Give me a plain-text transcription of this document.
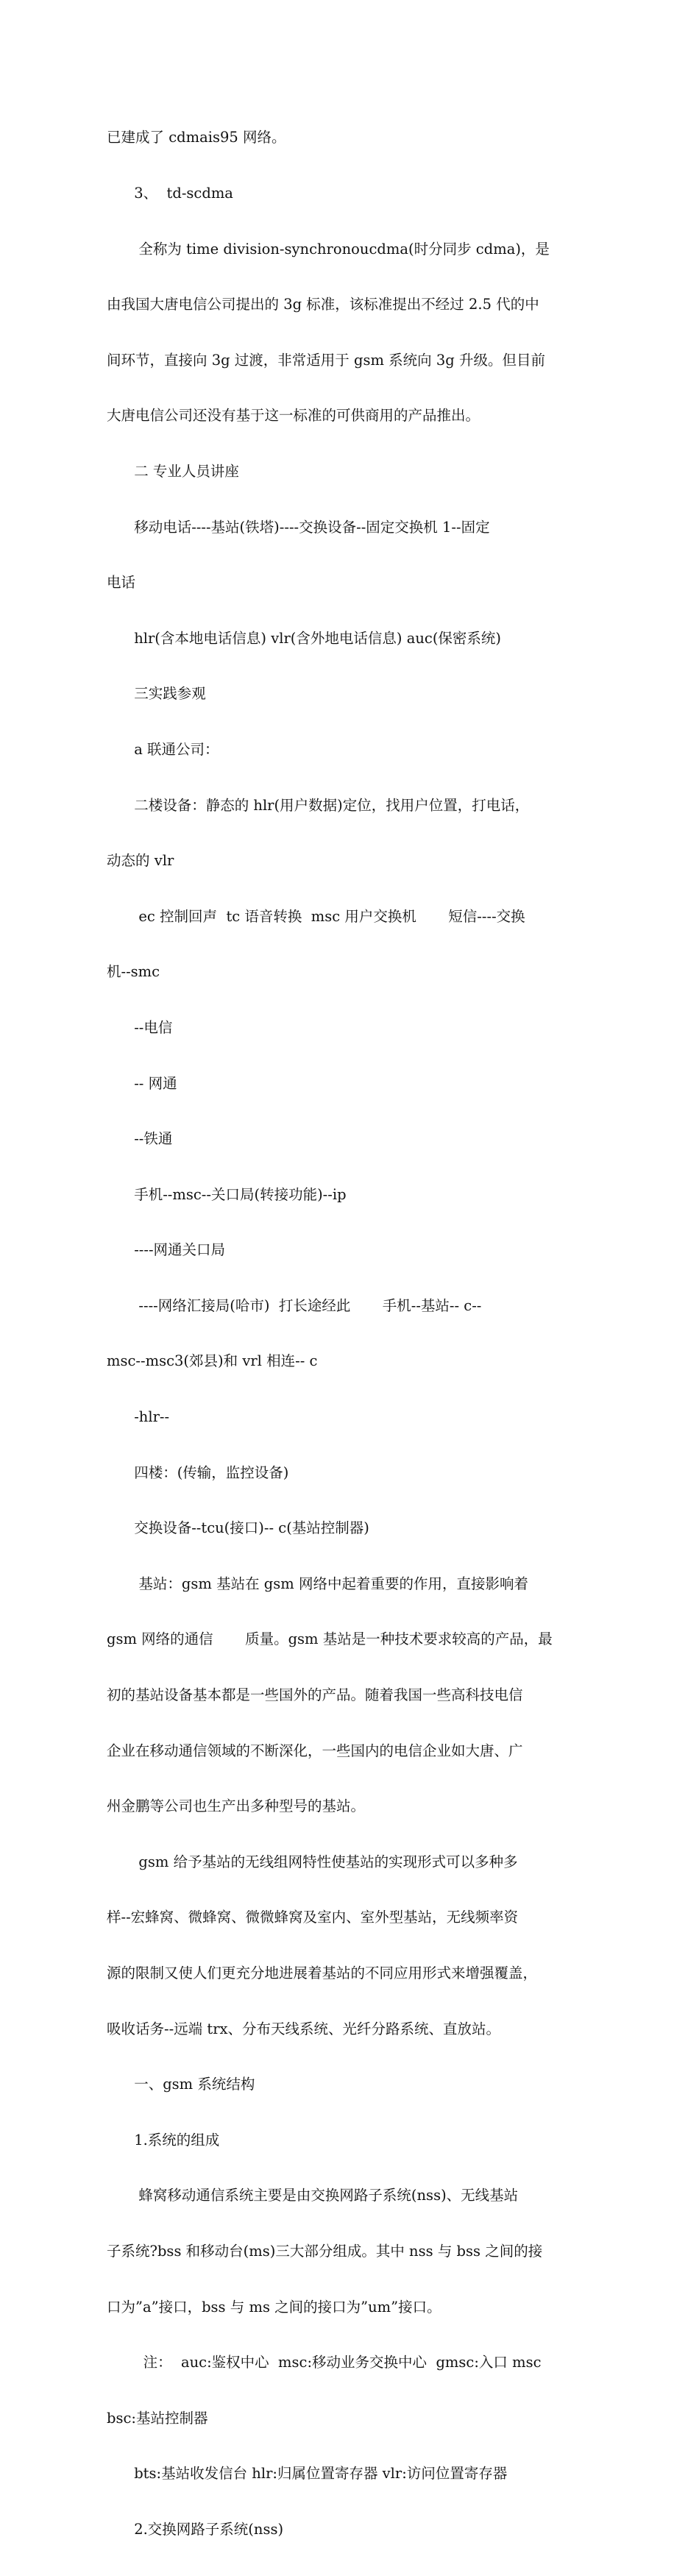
已建成了 cdmais95 网络。

3、  td-scdma

全称为 time division-synchronoucdma(时分同步 cdma)，是

由我国大唐电信公司提出的 3g 标准，该标准提出不经过 2.5 代的中

间环节，直接向 3g 过渡，非常适用于 gsm 系统向 3g 升级。但目前

大唐电信公司还没有基于这一标准的可供商用的产品推出。

二 专业人员讲座

移动电话----基站(铁塔)----交换设备--固定交换机 1--固定

电话

hlr(含本地电话信息) vlr(含外地电话信息) auc(保密系统)

三实践参观

a 联通公司：

二楼设备：静态的 hlr(用户数据)定位，找用户位置，打电话，

动态的 vlr

ec 控制回声  tc 语音转换  msc 用户交换机       短信----交换

机--smc

--电信

-- 网通

--铁通

手机--msc--关口局(转接功能)--ip

----网通关口局

----网络汇接局(哈市)  打长途经此       手机--基站-- c--

msc--msc3(郊县)和 vrl 相连-- c

-hlr--

四楼：(传输，监控设备)

交换设备--tcu(接口)-- c(基站控制器)

基站：gsm 基站在 gsm 网络中起着重要的作用，直接影响着

gsm 网络的通信       质量。gsm 基站是一种技术要求较高的产品，最

初的基站设备基本都是一些国外的产品。随着我国一些高科技电信

企业在移动通信领域的不断深化，一些国内的电信企业如大唐、广

州金鹏等公司也生产出多种型号的基站。

gsm 给予基站的无线组网特性使基站的实现形式可以多种多

样--宏蜂窝、微蜂窝、微微蜂窝及室内、室外型基站，无线频率资

源的限制又使人们更充分地进展着基站的不同应用形式来增强覆盖，

吸收话务--远端 trx、分布天线系统、光纤分路系统、直放站。

一、gsm 系统结构

1.系统的组成

蜂窝移动通信系统主要是由交换网路子系统(nss)、无线基站

子系统?bss 和移动台(ms)三大部分组成。其中 nss 与 bss 之间的接

口为”a”接口，bss 与 ms 之间的接口为”um”接口。

注：  auc:鉴权中心  msc:移动业务交换中心  gmsc:入口 msc

bsc:基站控制器

bts:基站收发信台 hlr:归属位置寄存器 vlr:访问位置寄存器

2.交换网路子系统(nss)
